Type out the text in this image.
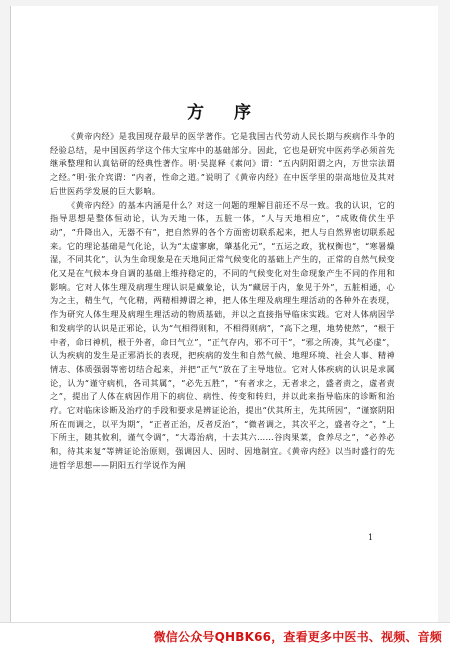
方 序

《黄帝内经》是我国现存最早的医学著作。它是我国古代劳动人民长期与疾病作斗争的经验总结，是中国医药学这个伟大宝库中的基础部分。因此，它也是研究中医药学必须首先继承整理和认真钻研的经典性著作。明·吴崑释《素问》谓：“五内阴阳谓之内，万世宗法谓之经。”明·张介宾谓：“内者，性命之道。”说明了《黄帝内经》在中医学里的崇高地位及其对后世医药学发展的巨大影响。

《黄帝内经》的基本内涵是什么？对这一问题的理解目前还不尽一致。我的认识，它的指导思想是整体恒动论，认为天地一体，五脏一体，“人与天地相应”，“成败倚伏生乎动”，“升降出入，无器不有”，把自然界的各个方面密切联系起来，把人与自然界密切联系起来。它的理论基础是气化论，认为“太虚寥廓，肇基化元”，“五运之政，犹权衡也”，“寒暑燥湿，不同其化”，认为生命现象是在天地间正常气候变化的基础上产生的，正常的自然气候变化又是在气候本身自调的基础上维持稳定的，不同的气候变化对生命现象产生不同的作用和影响。它对人体生理及病理生理认识是藏象论，认为“藏居于内，象见于外”，五脏相通，心为之主，精生气，气化精，两精相搏谓之神，把人体生理及病理生理活动的各种外在表现，作为研究人体生理及病理生理活动的物质基础，并以之直接指导临床实践。它对人体病因学和发病学的认识是正邪论，认为“气相得则和，不相得则病”，“高下之理，地势使然”，“根于中者，命曰神机，根于外者，命曰气立”，“正气存内，邪不可干”，“邪之所凑，其气必虚”，认为疾病的发生是正邪消长的表现，把疾病的发生和自然气候、地理环境、社会人事、精神情志、体质强弱等密切结合起来，并把“正气”放在了主导地位。它对人体疾病的认识是求属论，认为“谨守病机，各司其属”，“必先五胜”，“有者求之，无者求之，盛者责之，虚者责之”，提出了人体在病因作用下的病位、病性、传变和转归，并以此来指导临床的诊断和治疗。它对临床诊断及治疗的手段和要求是辨证论治，提出“伏其所主，先其所因”，“谨察阴阳所在而调之，以平为期”，“正者正治，反者反治”，“微者调之，其次平之，盛者夺之”，“上下所主，随其攸利，谨气令调”，“大毒治病，十去其六……谷肉果菜，食养尽之”，“必养必和，待其来复”等辨证论治原则，强调因人、因时、因地制宜。《黄帝内经》以当时盛行的先进哲学思想——阴阳五行学说作为阐

1
微信公众号QHBK66，查看更多中医书、视频、音频
